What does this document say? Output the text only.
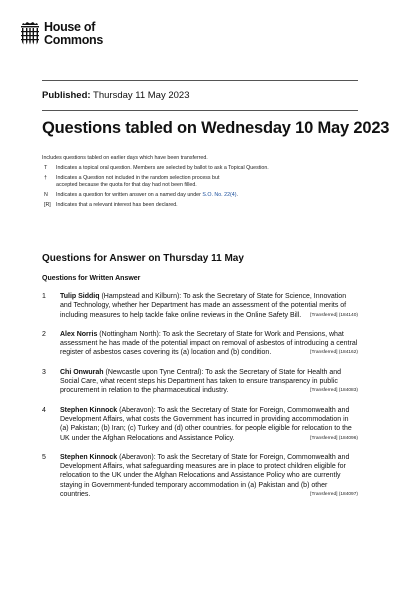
House of
Commons
Published: Thursday 11 May 2023
Questions tabled on Wednesday 10 May 2023
Includes questions tabled on earlier days which have been transferred.
T	Indicates a topical oral question. Members are selected by ballot to ask a Topical Question.
†	Indicates a Question not included in the random selection process but accepted because the quota for that day had not been filled.
N	Indicates a question for written answer on a named day under S.O. No. 22(4).
[R] Indicates that a relevant interest has been declared.
Questions for Answer on Thursday 11 May
Questions for Written Answer
1	Tulip Siddiq (Hampstead and Kilburn): To ask the Secretary of State for Science, Innovation and Technology, whether her Department has made an assessment of the potential merits of including measures to help tackle fake online reviews in the Online Safety Bill. [Transferred] (184140)
2	Alex Norris (Nottingham North): To ask the Secretary of State for Work and Pensions, what assessment he has made of the potential impact on removal of asbestos of introducing a central register of asbestos cases covering its (a) location and (b) condition.	[Transferred] (184162)
3	Chi Onwurah (Newcastle upon Tyne Central): To ask the Secretary of State for Health and Social Care, what recent steps his Department has taken to ensure transparency in public procurement in relation to the pharmaceutical industry.	[Transferred] (184083)
4	Stephen Kinnock (Aberavon): To ask the Secretary of State for Foreign, Commonwealth and Development Affairs, what costs the Government has incurred in providing accommodation in (a) Pakistan; (b) Iran; (c) Turkey and (d) other countries. for people eligible for relocation to the UK under the Afghan Relocations and Assistance Policy.	[Transferred] (184096)
5	Stephen Kinnock (Aberavon): To ask the Secretary of State for Foreign, Commonwealth and Development Affairs, what safeguarding measures are in place to protect children eligible for relocation to the UK under the Afghan Relocations and Assistance Policy who are currently staying in Government-funded temporary accommodation in (a) Pakistan and (b) other countries.	[Transferred] (184097)
